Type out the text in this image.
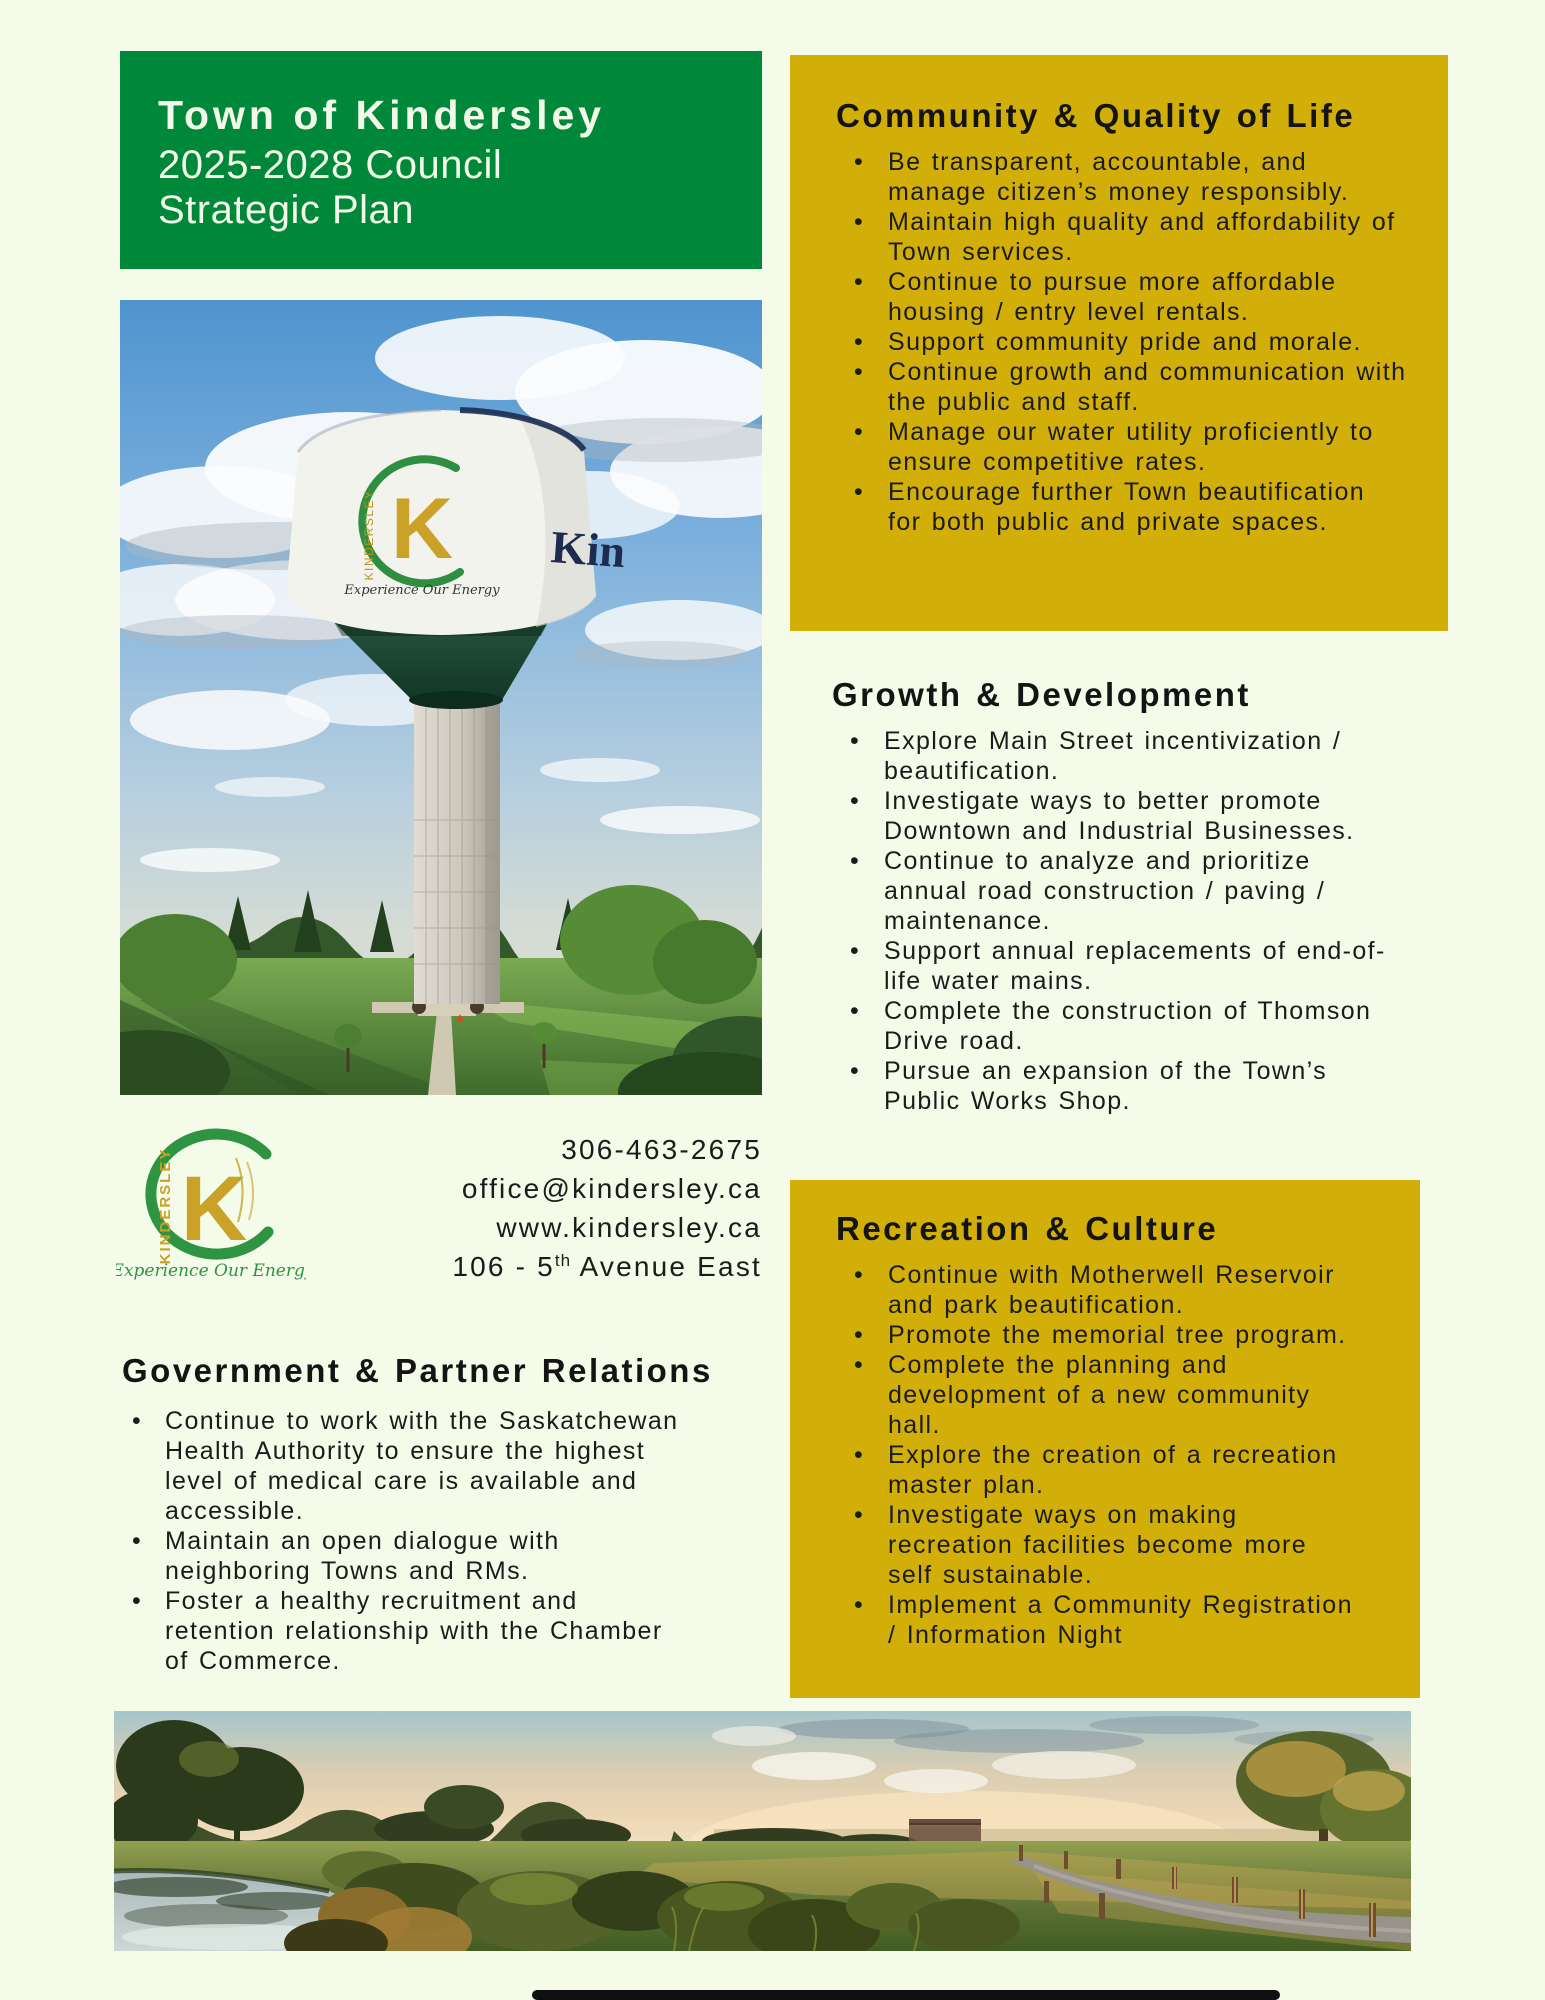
Town of Kindersley
2025-2028 Council
Strategic Plan
K
KINDERSLEY
Experience Our Energy
Kin
Community & Quality of Life
• Be transparent, accountable, and manage citizen’s money responsibly.
• Maintain high quality and affordability of Town services.
• Continue to pursue more affordable housing / entry level rentals.
• Support community pride and morale.
• Continue growth and communication with the public and staff.
• Manage our water utility proficiently to ensure competitive rates.
• Encourage further Town beautification for both public and private spaces.
Growth & Development
• Explore Main Street incentivization / beautification.
• Investigate ways to better promote Downtown and Industrial Businesses.
• Continue to analyze and prioritize annual road construction / paving / maintenance.
• Support annual replacements of end-of-life water mains.
• Complete the construction of Thomson Drive road.
• Pursue an expansion of the Town’s Public Works Shop.
KINDERSLEY K
Experience Our Energy
306-463-2675
office@kindersley.ca
www.kindersley.ca
106 - 5th Avenue East
Government & Partner Relations
• Continue to work with the Saskatchewan Health Authority to ensure the highest level of medical care is available and accessible.
• Maintain an open dialogue with neighboring Towns and RMs.
• Foster a healthy recruitment and retention relationship with the Chamber of Commerce.
Recreation & Culture
• Continue with Motherwell Reservoir and park beautification.
• Promote the memorial tree program.
• Complete the planning and development of a new community hall.
• Explore the creation of a recreation master plan.
• Investigate ways on making recreation facilities become more self sustainable.
• Implement a Community Registration / Information Night
